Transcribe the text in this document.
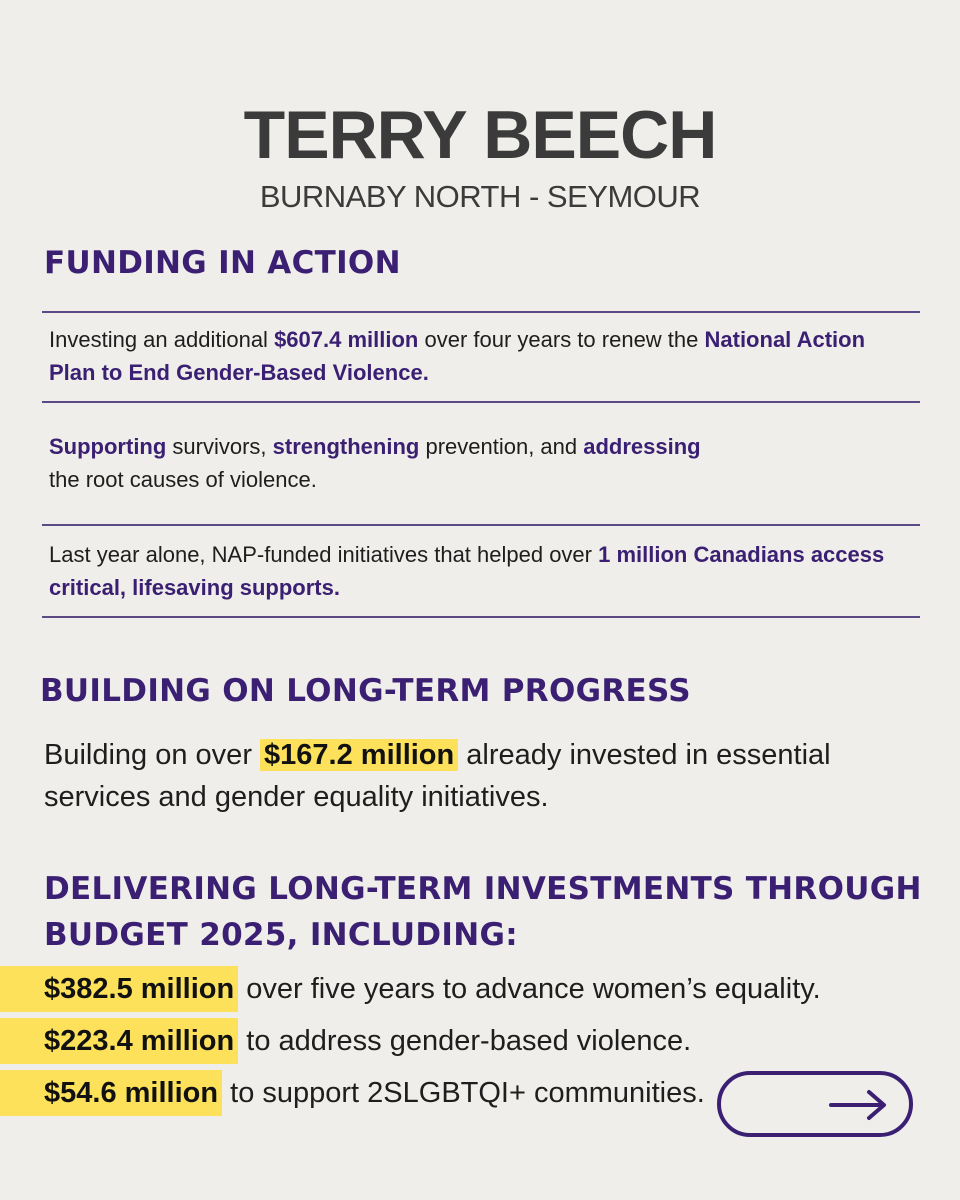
TERRY BEECH
BURNABY NORTH - SEYMOUR
FUNDING IN ACTION
Investing an additional $607.4 million over four years to renew the National Action Plan to End Gender-Based Violence.
Supporting survivors, strengthening prevention, and addressing
the root causes of violence.
Last year alone, NAP-funded initiatives that helped over 1 million Canadians access critical, lifesaving supports.
BUILDING ON LONG-TERM PROGRESS
Building on over $167.2 million already invested in essential services and gender equality initiatives.
DELIVERING LONG-TERM INVESTMENTS THROUGH BUDGET 2025, INCLUDING:
$382.5 million over five years to advance women’s equality.
$223.4 million to address gender-based violence.
$54.6 million to support 2SLGBTQI+ communities.
